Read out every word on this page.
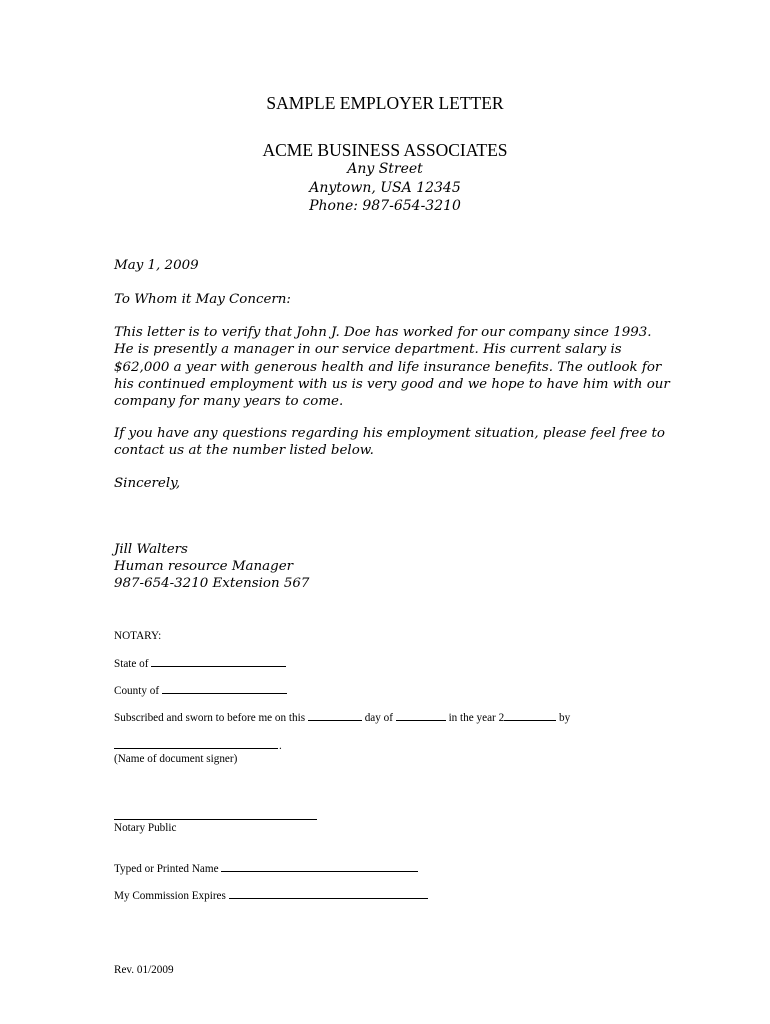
SAMPLE EMPLOYER LETTER
ACME BUSINESS ASSOCIATES
Any Street
Anytown, USA 12345
Phone: 987-654-3210
May 1, 2009
To Whom it May Concern:
This letter is to verify that John J. Doe has worked for our company since 1993.
He is presently a manager in our service department. His current salary is
$62,000 a year with generous health and life insurance benefits. The outlook for
his continued employment with us is very good and we hope to have him with our
company for many years to come.
If you have any questions regarding his employment situation, please feel free to
contact us at the number listed below.
Sincerely,
Jill Walters
Human resource Manager
987-654-3210 Extension 567
NOTARY:
State of
County of
Subscribed and sworn to before me on this	day of	in the year 2	by
.
(Name of document signer)
Notary Public
Typed or Printed Name
My Commission Expires
Rev. 01/2009
